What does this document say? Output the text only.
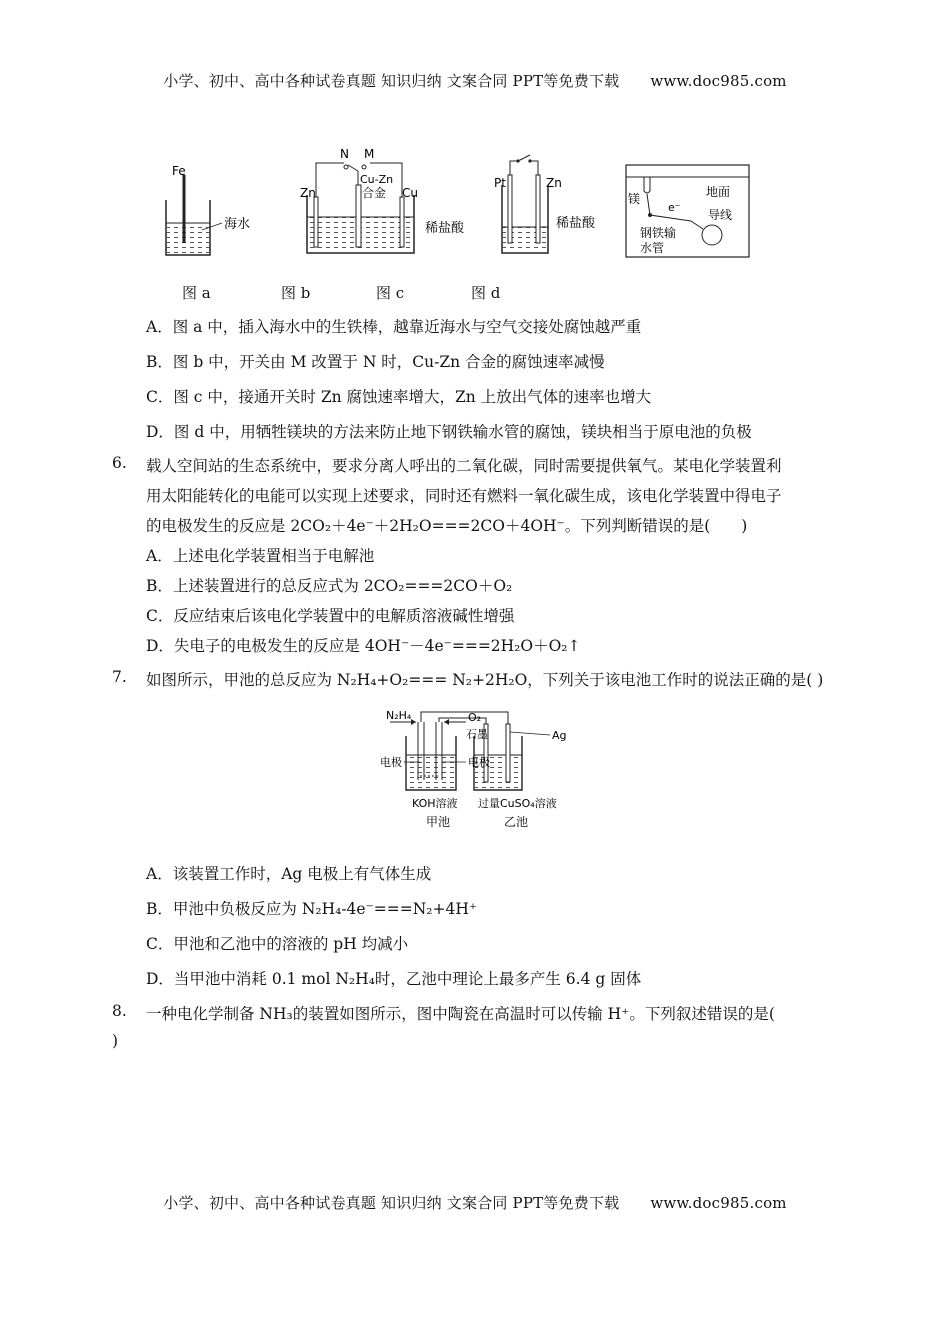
小学、初中、高中各种试卷真题 知识归纳 文案合同 PPT等免费下载 www.doc985.com
Fe
海水
N M
Zn	Cu
Cu-Zn
合金
稀盐酸
Pt	Zn
稀盐酸
镁	地面
e⁻
导线
钢铁输
水管
图 a	图 b	图 c	图 d
A．图 a 中，插入海水中的生铁棒，越靠近海水与空气交接处腐蚀越严重
B．图 b 中，开关由 M 改置于 N 时，Cu-Zn 合金的腐蚀速率减慢
C．图 c 中，接通开关时 Zn 腐蚀速率增大，Zn 上放出气体的速率也增大
D．图 d 中，用牺牲镁块的方法来防止地下钢铁输水管的腐蚀，镁块相当于原电池的负极
6. 载人空间站的生态系统中，要求分离人呼出的二氧化碳，同时需要提供氧气。某电化学装置利
用太阳能转化的电能可以实现上述要求，同时还有燃料一氧化碳生成，该电化学装置中得电子
的电极发生的反应是 2CO₂＋4e⁻＋2H₂O===2CO＋4OH⁻。下列判断错误的是(　　)
A．上述电化学装置相当于电解池
B．上述装置进行的总反应式为 2CO₂===2CO＋O₂
C．反应结束后该电化学装置中的电解质溶液碱性增强
D．失电子的电极发生的反应是 4OH⁻－4e⁻===2H₂O＋O₂↑
7. 如图所示，甲池的总反应为 N₂H₄+O₂=== N₂+2H₂O，下列关于该电池工作时的说法正确的是( )
N₂H₄	O₂
石墨	Ag
电极	电极
KOH溶液 过量CuSO₄溶液
甲池	乙池
A．该装置工作时，Ag 电极上有气体生成
B．甲池中负极反应为 N₂H₄-4e⁻===N₂+4H⁺
C．甲池和乙池中的溶液的 pH 均减小
D．当甲池中消耗 0.1 mol N₂H₄时，乙池中理论上最多产生 6.4 g 固体
8. 一种电化学制备 NH₃的装置如图所示，图中陶瓷在高温时可以传输 H⁺。下列叙述错误的是(
)
小学、初中、高中各种试卷真题 知识归纳 文案合同 PPT等免费下载 www.doc985.com
